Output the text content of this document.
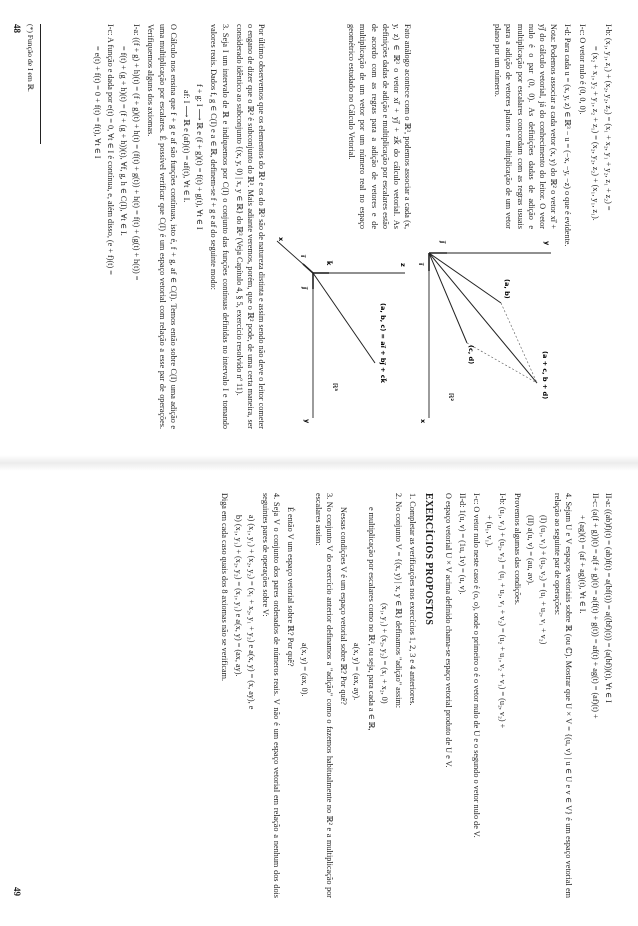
I-b: (x₁, y₁, z₁) + (x₂, y₂, z₂) = (x₁ + x₂, y₁ + y₂, z₁ + z₂) =
= (x₂ + x₁, y₂ + y₁, z₂ + z₁) = (x₂, y₂, z₂) + (x₁, y₁, z₁).
I-c: O vetor nulo é (0, 0, 0).
I-d: Para cada u = (x, y, z) ∈ ℝ³ − u = (−x, −y, −z) o que é evidente.
Nota: Podemos associar a cada vetor (x, y) do ℝ² o vetor xi⃗ + yj⃗ do cálculo vetorial, já do conhecimento do leitor. O vetor nulo é o par (0, 0). As definições dadas de adição e multiplicação por escalares concordam com as regras usuais para a adição de vetores planos e multiplicação de um vetor plano por um número.
y
(a + c, b + d)
(a, b)
(c, d)
x
ℝ²
j⃗
i⃗
Fato análogo acontece com o ℝ³, podemos associar a cada (x, y, z) ∈ ℝ³ o vetor xi⃗ + yj⃗ + zk⃗ do cálculo vetorial. As definições dadas de adição e multiplicação por escalares estão de acordo com as regras para a adição de vetores e de multiplicação de um vetor por um número real no espaço geométrico estudado no Cálculo Vetorial.
z
(a, b, c) = ai⃗ + bj⃗ + ck⃗
ℝ³
k⃗
j⃗
i⃗
y
x
Por último observemos que os elementos do ℝ² e os do ℝ³ são de natureza distinta e assim sendo não deve o leitor cometer o engano de dizer que o ℝ² é subconjunto do ℝ³. Mais adiante veremos, porém, que o ℝ² pode, de uma certa maneira, ser considerado idêntico ao subconjunto {(x, y, 0) | x, y ∈ ℝ} do ℝ³ (Veja Capítulo 4, § 5, exercício resolvido nº 11).
3. Seja I um intervalo de ℝ e indiquemos por C(I) o conjunto das funções contínuas definidas no intervalo I e tomando valores reais. Dados f, g ∈ C(I) e a ∈ ℝ, definem-se f + g e af do seguinte modo:
f + g: I ⟶ ℝ e (f + g)(t) = f(t) + g(t), ∀t ∈ I
af: I ⟶ ℝ e (af)(t) = af(t), ∀t ∈ I.
O Cálculo nos ensina que f + g e af são funções contínuas, isto é, f + g, af ∈ C(I). Temos então sobre C(I) uma adição e uma multiplicação por escalares. É possível verificar que C(I) é um espaço vetorial com relação a esse par de operações. Verifiquemos alguns dos axiomas.
I-a: ((f + g) + h)(t) = (f + g)(t) + h(t) = (f(t) + g(t)) + h(t) = f(t) + (g(t) + h(t)) =
= f(t) + (g + h)(t) = (f + (g + h))(t), ∀f, g, h ∈ C(I), ∀t ∈ I.
I-c: A função e dada por e(t) = 0, ∀t ∈ I é contínua, e, além disso, (e + f)(t) =
= e(t) + f(t) = 0 + f(t) = f(t), ∀t ∈ I
(*) Função de I em ℝ.
48
II-a: ((ab)f)(t) = (ab)f(t) = a(bf(t)) = a((bf)(t)) = (a(bf))(t), ∀t ∈ I
II-c: (a(f + g))(t) = a(f + g)(t) = a(f(t) + g(t)) = af(t) + ag(t) = (af)(t) +
+ (ag)(t) = (af + ag)(t), ∀t ∈ I.
4. Sejam U e V espaços vetoriais sobre ℝ (ou ℂ). Mostrar que U × V = {(u, v) | u ∈ U e v ∈ V} é um espaço vetorial em relação ao seguinte par de operações:
(I) (u₁, v₁) + (u₂, v₂) = (u₁ + u₂, v₁ + v₂)
(II) a(u, v) = (au, av).
Provemos algumas das condições.
I-b: (u₁, v₁) + (u₂, v₂) = (u₁ + u₂, v₁ + v₂) = (u₂ + u₁, v₂ + v₁) = (u₂, v₂) +
+ (u₁, v₁).
I-c: O vetor nulo neste caso é (o, o), onde o primeiro o é o vetor nulo de U e o segundo o vetor nulo de V.
II-d: 1(u, v) = (1u, 1v) = (u, v).
O espaço vetorial U × V acima definido chama-se espaço vetorial produto de U e V.
EXERCÍCIOS PROPOSTOS
1. Completar as verificações nos exercícios 1, 2, 3 e 4 anteriores.
2. No conjunto V = {(x, y) | x, y ∈ ℝ} definamos "adição" assim:
(x₁, y₁) + (x₂, y₂) = (x₁ + x₂, 0)
e multiplicação por escalares como no ℝ², ou seja, para cada a ∈ ℝ,
a(x, y) = (ax, ay).
Nessas condições V é um espaço vetorial sobre ℝ? Por quê?
3. No conjunto V do exercício anterior definamos a "adição" como o fazemos habitualmente no ℝ² e a multiplicação por escalares assim:
a(x, y) = (ax, 0).
É então V um espaço vetorial sobre ℝ? Por quê?
4. Seja V o conjunto dos pares ordenados de números reais. V não é um espaço vetorial em relação a nenhum dos dois seguintes pares de operações sobre V:
a) (x₁, y₁) + (x₂, y₂) = (x₁ + x₂, y₁ + y₂) e a(x, y) = (x, ay), e
b) (x₁, y₁) + (x₂, y₂) = (x₁, y₁) e a(x, y) = (ax, ay).
Diga em cada caso quais dos 8 axiomas não se verificam.
49
